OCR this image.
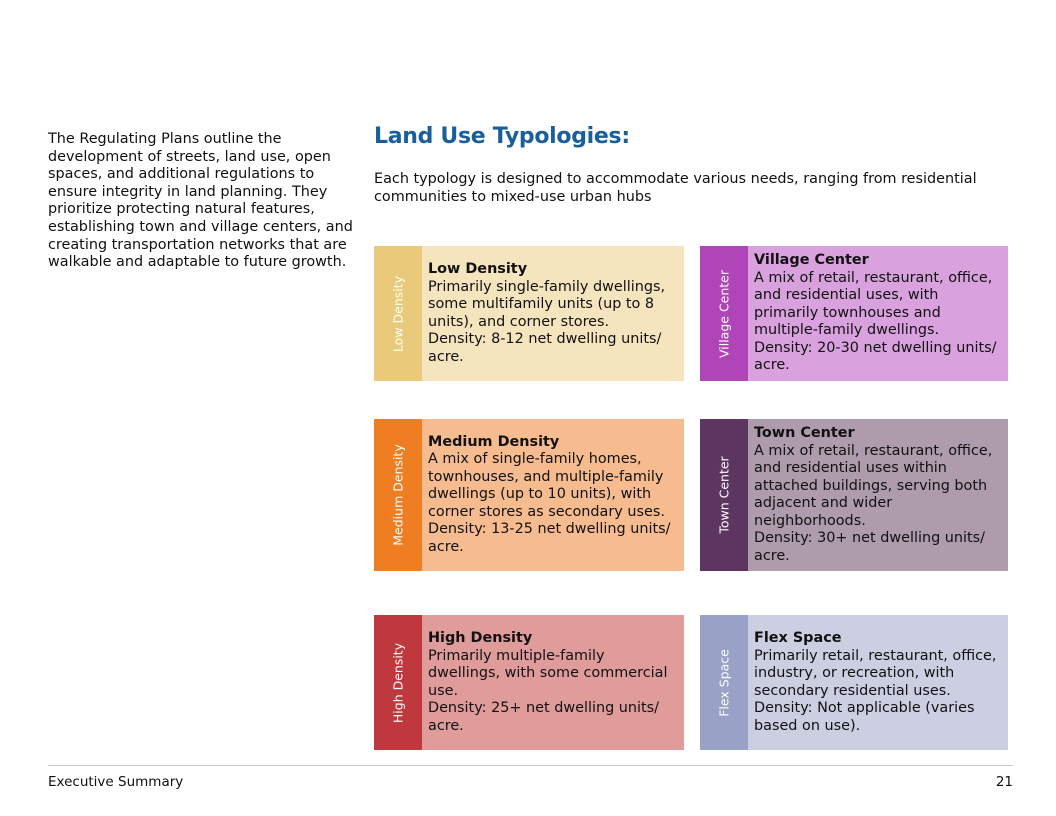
The Regulating Plans outline the development of streets, land use, open spaces, and additional regulations to ensure integrity in land planning. They prioritize protecting natural features, establishing town and village centers, and creating transportation networks that are walkable and adaptable to future growth.
Land Use Typologies:
Each typology is designed to accommodate various needs, ranging from residential communities to mixed-use urban hubs
Low Density
Low Density
Primarily single-family dwellings, some multifamily units (up to 8 units), and corner stores.
Density: 8-12 net dwelling units/ acre.	Village Center
Village Center
A mix of retail, restaurant, office, and residential uses, with primarily townhouses and multiple-family dwellings.
Density: 20-30 net dwelling units/ acre.
Medium Density
Medium Density
A mix of single-family homes, townhouses, and multiple-family dwellings (up to 10 units), with corner stores as secondary uses.
Density: 13-25 net dwelling units/ acre.
Town Center
Town Center
A mix of retail, restaurant, office, and residential uses within attached buildings, serving both adjacent and wider neighborhoods.
Density: 30+ net dwelling units/ acre.
High Density
High Density
Primarily multiple-family dwellings, with some commercial use.
Density: 25+ net dwelling units/ acre.
Flex Space
Flex Space
Primarily retail, restaurant, office, industry, or recreation, with secondary residential uses.
Density: Not applicable (varies based on use).
Executive Summary	21
